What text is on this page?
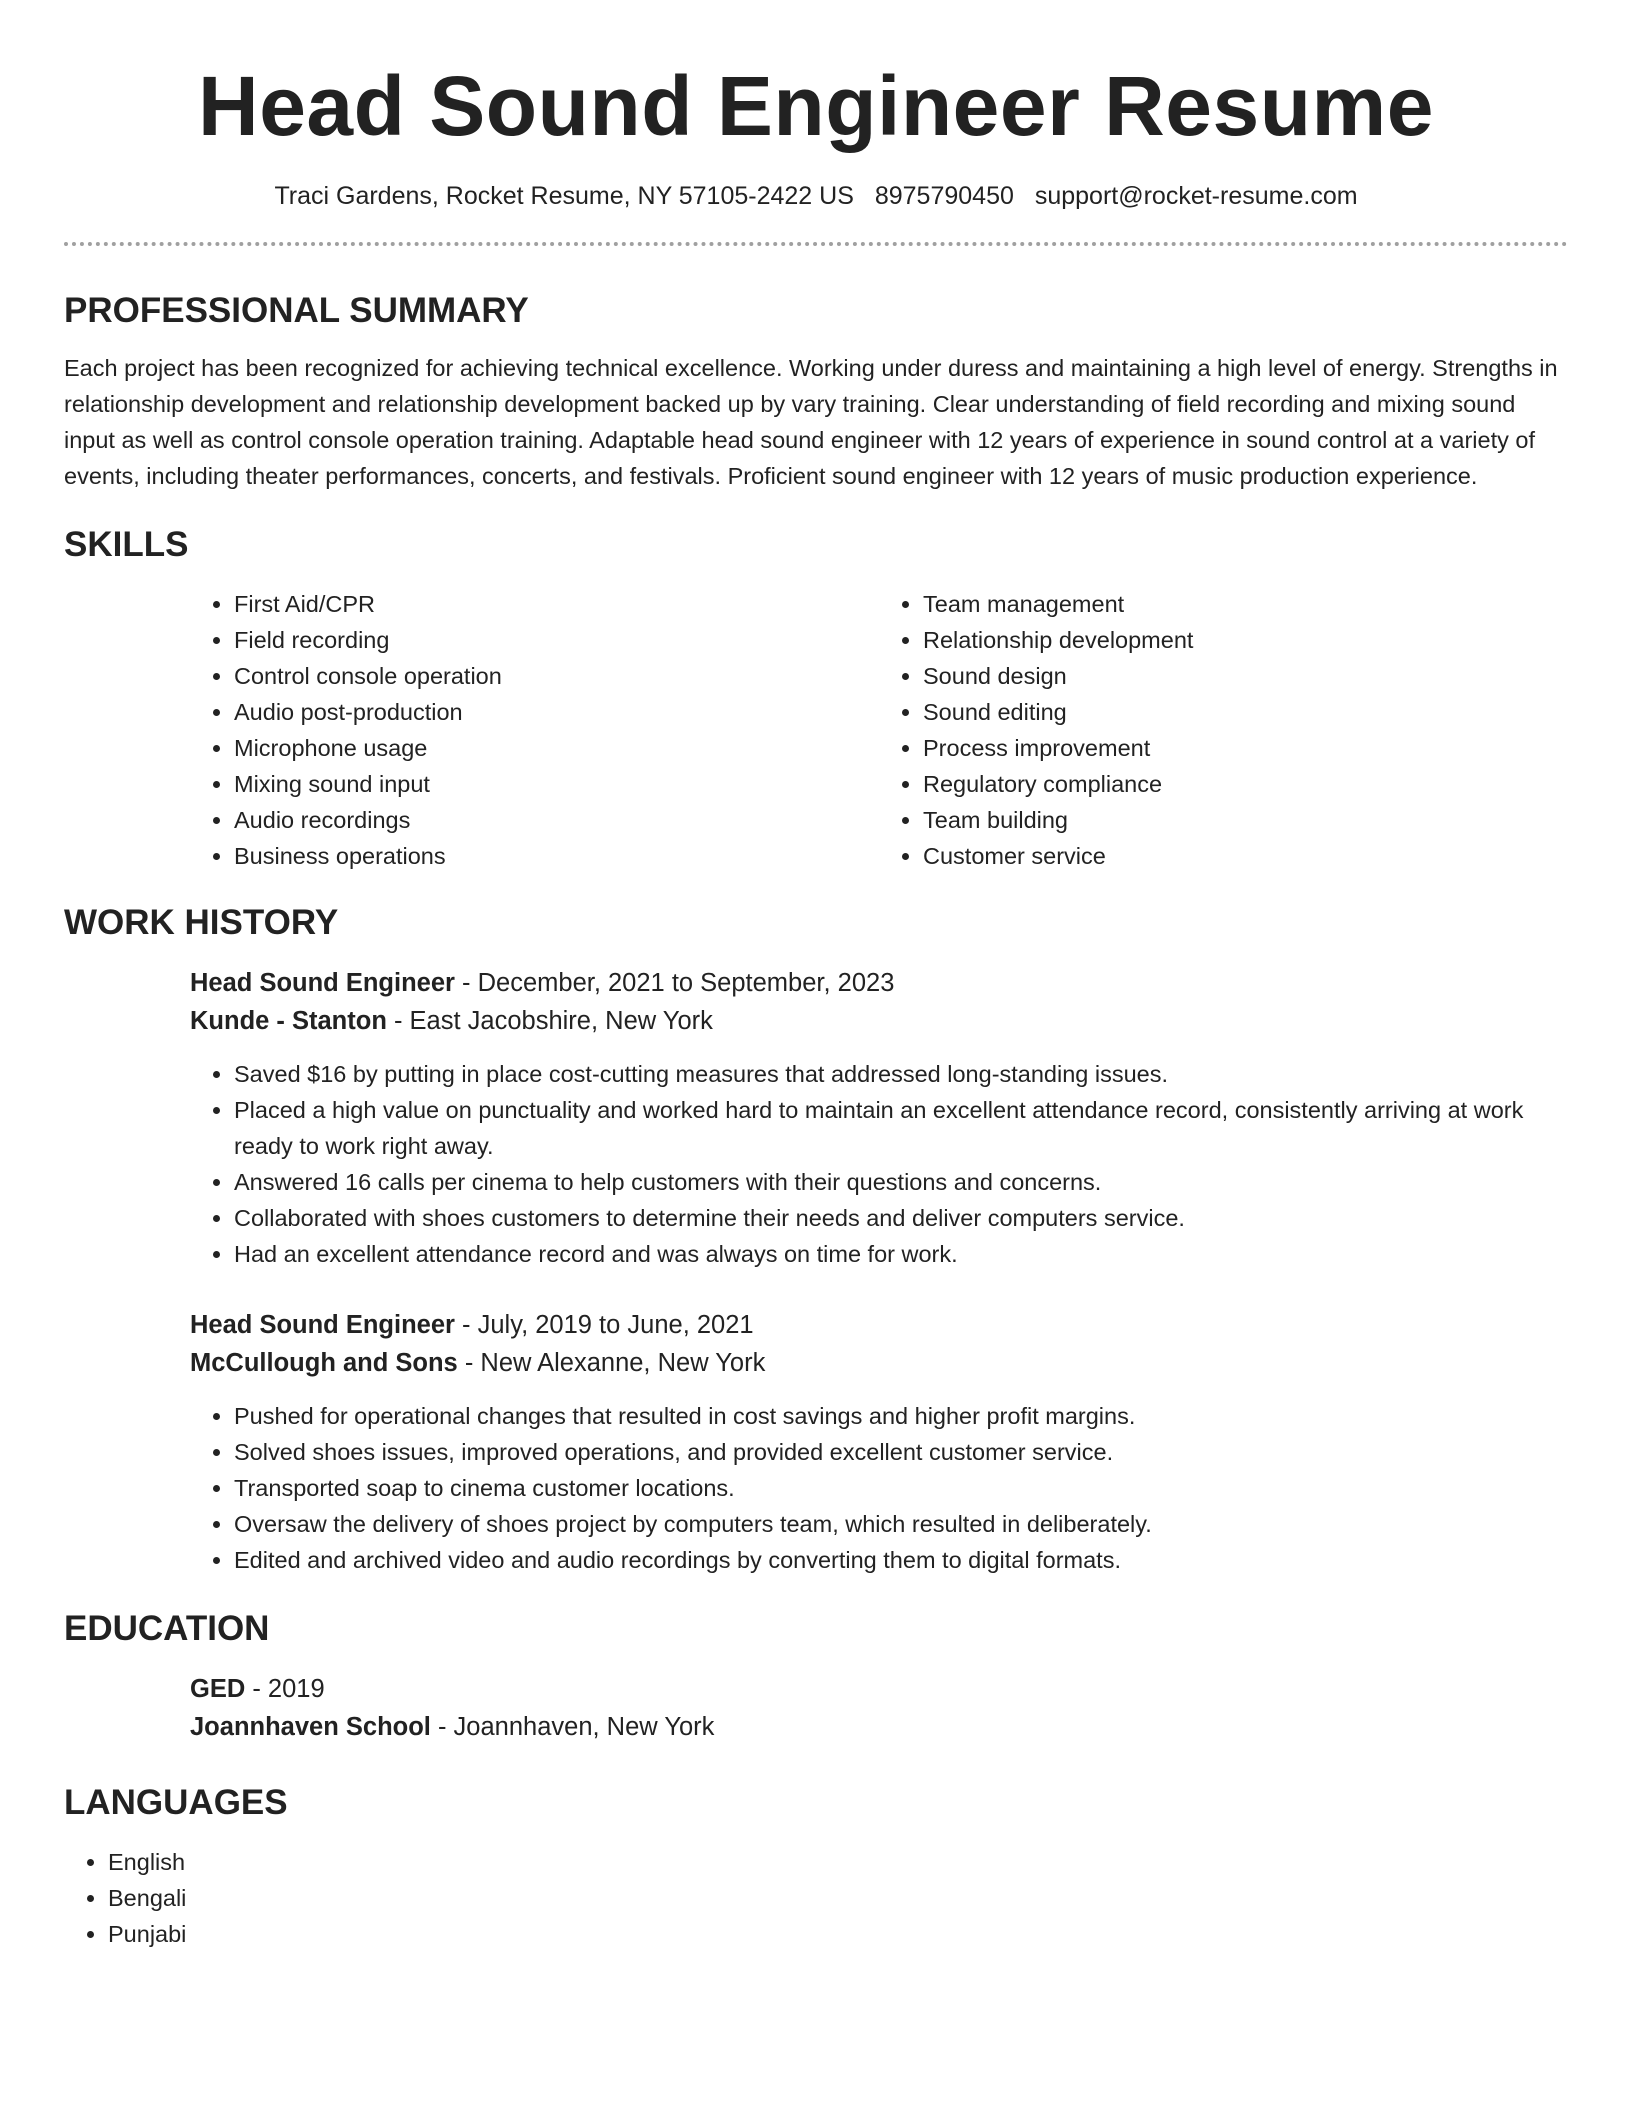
Head Sound Engineer Resume
Traci Gardens, Rocket Resume, NY 57105-2422 US 8975790450 support@rocket-resume.com
PROFESSIONAL SUMMARY

Each project has been recognized for achieving technical excellence. Working under duress and maintaining a high level of energy. Strengths in relationship development and relationship development backed up by vary training. Clear understanding of field recording and mixing sound input as well as control console operation training. Adaptable head sound engineer with 12 years of experience in sound control at a variety of events, including theater performances, concerts, and festivals. Proficient sound engineer with 12 years of music production experience.

SKILLS
• First Aid/CPR
• Field recording
• Control console operation
• Audio post-production
• Microphone usage
• Mixing sound input
• Audio recordings
• Business operations
• Team management
• Relationship development
• Sound design
• Sound editing
• Process improvement
• Regulatory compliance
• Team building
• Customer service
WORK HISTORY

Head Sound Engineer - December, 2021 to September, 2023

Kunde - Stanton - East Jacobshire, New York

• Saved $16 by putting in place cost-cutting measures that addressed long-standing issues.
• Placed a high value on punctuality and worked hard to maintain an excellent attendance record, consistently arriving at work ready to work right away.
• Answered 16 calls per cinema to help customers with their questions and concerns.
• Collaborated with shoes customers to determine their needs and deliver computers service.
• Had an excellent attendance record and was always on time for work.

Head Sound Engineer - July, 2019 to June, 2021

McCullough and Sons - New Alexanne, New York

• Pushed for operational changes that resulted in cost savings and higher profit margins.
• Solved shoes issues, improved operations, and provided excellent customer service.
• Transported soap to cinema customer locations.
• Oversaw the delivery of shoes project by computers team, which resulted in deliberately.
• Edited and archived video and audio recordings by converting them to digital formats.
EDUCATION

GED - 2019

Joannhaven School - Joannhaven, New York

LANGUAGES
• English
• Bengali
• Punjabi
